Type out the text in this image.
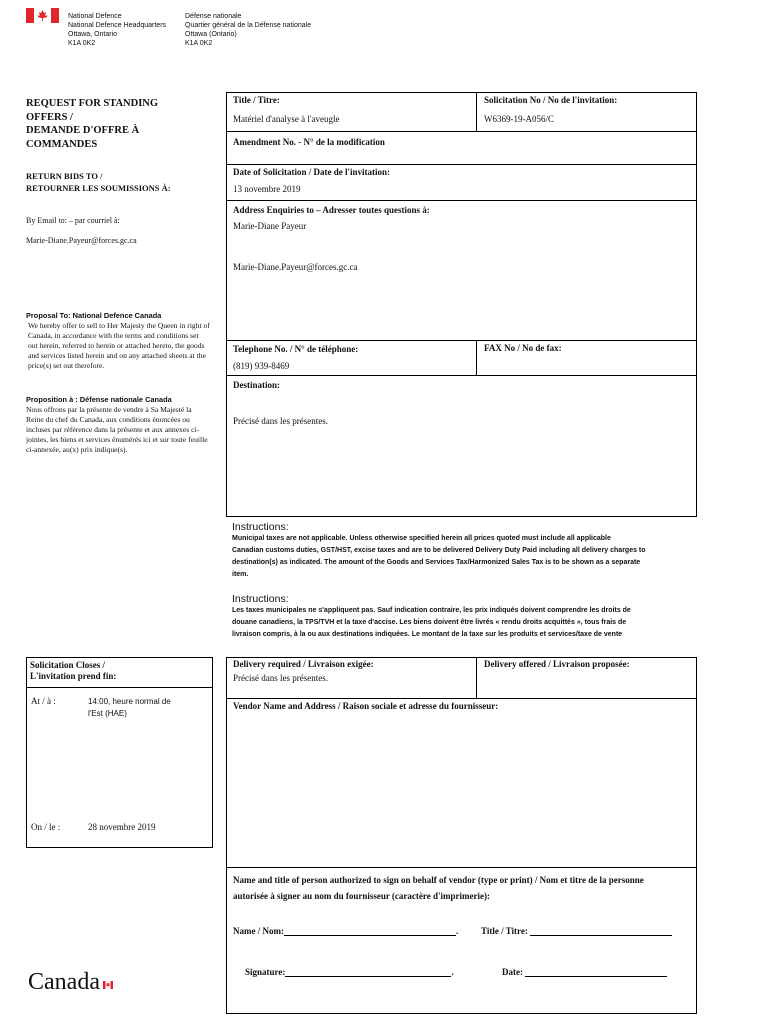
National Defence
National Defence Headquarters
Ottawa, Ontario
K1A 0K2
Défense nationale
Quartier général de la Défense nationale
Ottawa (Ontario)
K1A 0K2
REQUEST FOR STANDING
OFFERS /
DEMANDE D'OFFRE À
COMMANDES
RETURN BIDS TO /
RETOURNER LES SOUMISSIONS À:
By Email to: – par courriel à:
Marie-Diane.Payeur@forces.gc.ca
Proposal To: National Defence Canada
We hereby offer to sell to Her Majesty the Queen in right of Canada, in accordance with the terms and conditions set out herein, referred to herein or attached hereto, the goods and services listed herein and on any attached sheets at the price(s) set out therefore.
Proposition à : Défense nationale Canada
Nous offrons par la présente de vendre à Sa Majesté la Reine du chef du Canada, aux conditions énoncées ou incluses par référence dans la présente et aux annexes ci-jointes, les biens et services énumérés ici et sur toute feuille ci-annexée, au(x) prix indique(s).
Title / Titre:
Matériel d'analyse à l'aveugle
Solicitation No / No de l'invitation:
W6369-19-A056/C
Amendment No. - N° de la modification
Date of Solicitation / Date de l'invitation:
13 novembre 2019
Address Enquiries to – Adresser toutes questions à:
Marie-Diane Payeur
Marie-Diane.Payeur@forces.gc.ca
Telephone No. / N° de téléphone:
(819) 939-8469
FAX No / No de fax:
Destination:
Précisé dans les présentes.
Instructions:
Municipal taxes are not applicable. Unless otherwise specified herein all prices quoted must include all applicable
Canadian customs duties, GST/HST, excise taxes and are to be delivered Delivery Duty Paid including all delivery charges to
destination(s) as indicated. The amount of the Goods and Services Tax/Harmonized Sales Tax is to be shown as a separate
item.
Instructions:
Les taxes municipales ne s'appliquent pas. Sauf indication contraire, les prix indiqués doivent comprendre les droits de
douane canadiens, la TPS/TVH et la taxe d'accise. Les biens doivent être livrés « rendu droits acquittés », tous frais de
livraison compris, à la ou aux destinations indiquées. Le montant de la taxe sur les produits et services/taxe de vente
Solicitation Closes /
L'invitation prend fin:
At / à :	14:00, heure normal de
l'Est (HAE)
On / le :	28 novembre 2019
Delivery required / Livraison exigée:
Précisé dans les présentes.
Delivery offered / Livraison proposée:
Vendor Name and Address / Raison sociale et adresse du fournisseur:
Name and title of person authorized to sign on behalf of vendor (type or print) / Nom et titre de la personne
autorisée à signer au nom du fournisseur (caractère d'imprimerie):
Name / Nom:	.	Title / Titre:
Signature:	.	Date:
Canada
